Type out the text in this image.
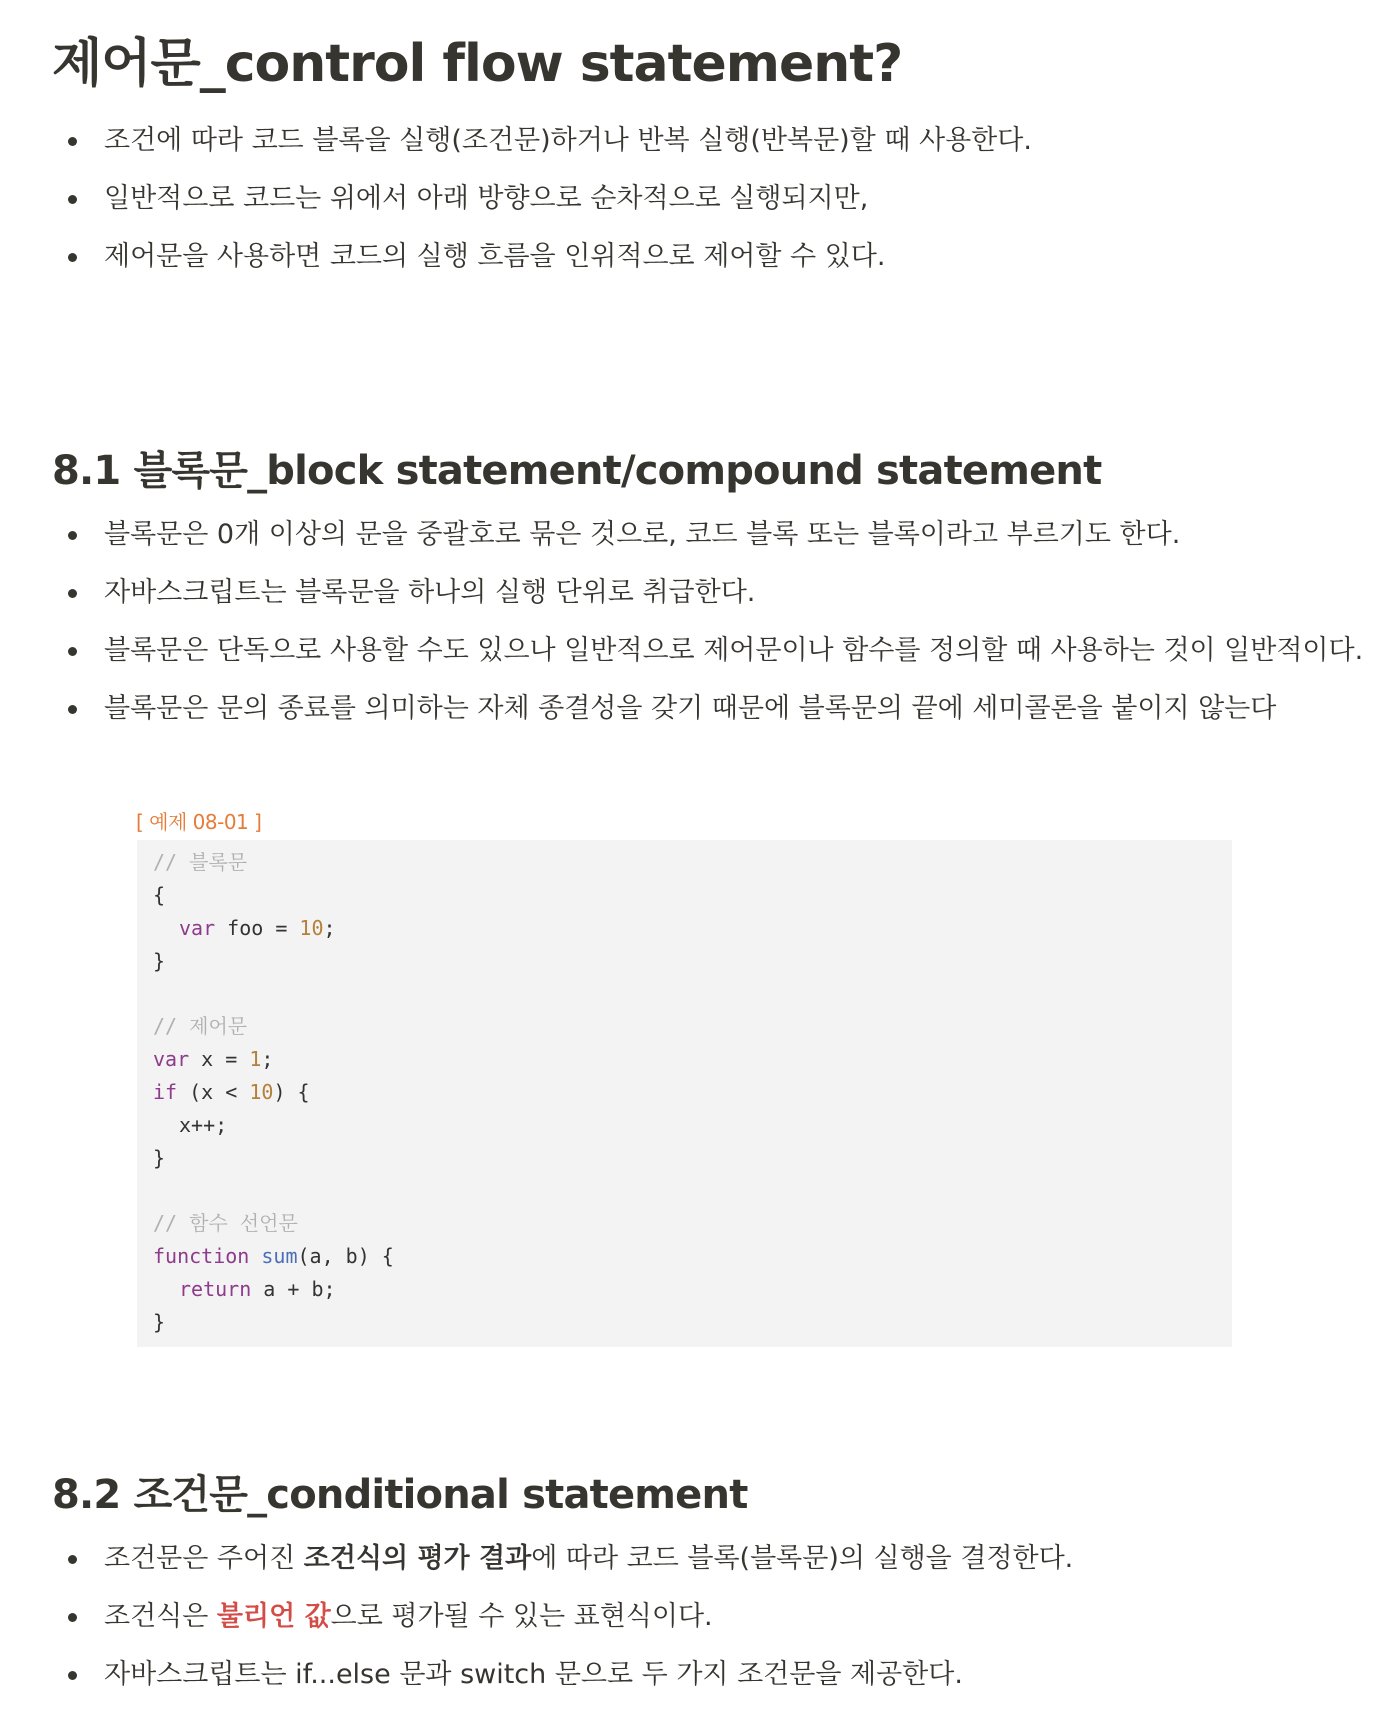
제어문_control flow statement?
조건에 따라 코드 블록을 실행(조건문)하거나 반복 실행(반복문)할 때 사용한다.
일반적으로 코드는 위에서 아래 방향으로 순차적으로 실행되지만,
제어문을 사용하면 코드의 실행 흐름을 인위적으로 제어할 수 있다.
8.1 블록문_block statement/compound statement
블록문은 0개 이상의 문을 중괄호로 묶은 것으로, 코드 블록 또는 블록이라고 부르기도 한다.
자바스크립트는 블록문을 하나의 실행 단위로 취급한다.
블록문은 단독으로 사용할 수도 있으나 일반적으로 제어문이나 함수를 정의할 때 사용하는 것이 일반적이다.
블록문은 문의 종료를 의미하는 자체 종결성을 갖기 때문에 블록문의 끝에 세미콜론을 붙이지 않는다
[ 예제 08-01 ]
// 블록문
{
var foo = 10;
}
// 제어문
var x = 1;
if (x < 10) {
x++;
}
// 함수 선언문
function sum(a, b) {
return a + b;
}
8.2 조건문_conditional statement
조건문은 주어진 조건식의 평가 결과에 따라 코드 블록(블록문)의 실행을 결정한다.
조건식은 불리언 값으로 평가될 수 있는 표현식이다.
자바스크립트는 if...else 문과 switch 문으로 두 가지 조건문을 제공한다.
